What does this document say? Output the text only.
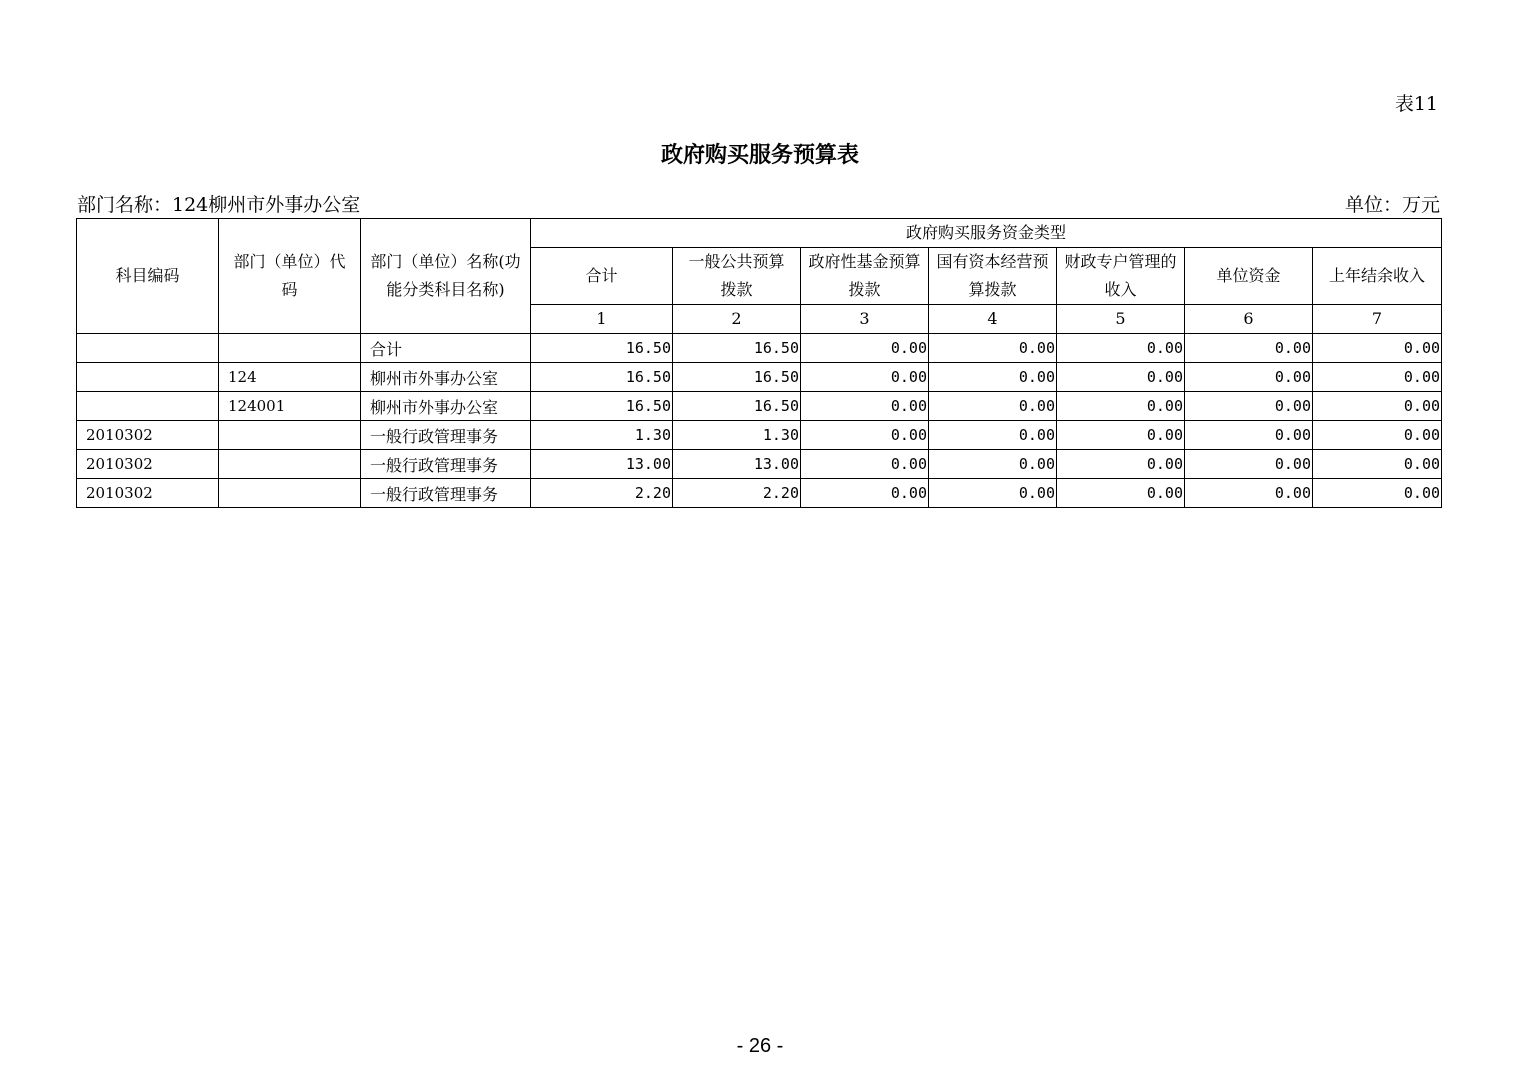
表11
政府购买服务预算表
部门名称：124柳州市外事办公室	单位：万元
科目编码	部门（单位）代码	部门（单位）名称(功能分类科目名称)	政府购买服务资金类型						
			合计	一般公共预算拨款	政府性基金预算拨款	国有资本经营预算拨款	财政专户管理的收入	单位资金	上年结余收入
			1	2	3	4	5	6	7
		合计	16.50	16.50	0.00	0.00	0.00	0.00	0.00
	124	柳州市外事办公室	16.50	16.50	0.00	0.00	0.00	0.00	0.00
	124001	柳州市外事办公室	16.50	16.50	0.00	0.00	0.00	0.00	0.00
2010302		一般行政管理事务	1.30	1.30	0.00	0.00	0.00	0.00	0.00
2010302		一般行政管理事务	13.00	13.00	0.00	0.00	0.00	0.00	0.00
2010302		一般行政管理事务	2.20	2.20	0.00	0.00	0.00	0.00	0.00
- 26 -
